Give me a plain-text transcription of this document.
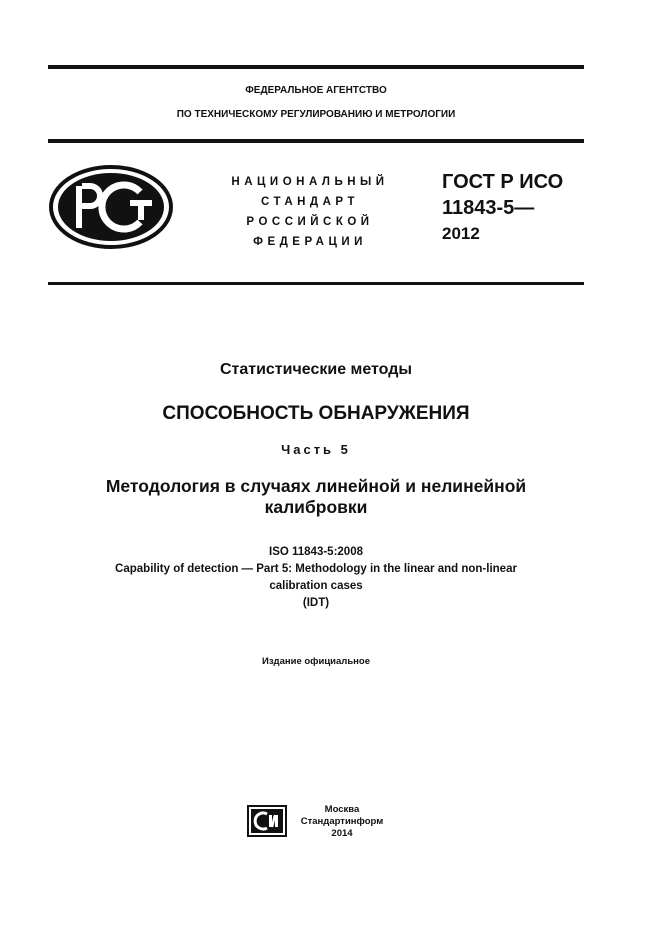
ФЕДЕРАЛЬНОЕ АГЕНТСТВО
ПО ТЕХНИЧЕСКОМУ РЕГУЛИРОВАНИЮ И МЕТРОЛОГИИ
НАЦИОНАЛЬНЫЙ
СТАНДАРТ
РОССИЙСКОЙ
ФЕДЕРАЦИИ
ГОСТ Р ИСО
11843-5—
2012
Статистические методы
СПОСОБНОСТЬ ОБНАРУЖЕНИЯ
Часть 5
Методология в случаях линейной и нелинейной
калибровки
ISO 11843-5:2008
Capability of detection — Part 5: Methodology in the linear and non-linear
calibration cases
(IDT)
Издание официальное
Москва
Стандартинформ
2014
